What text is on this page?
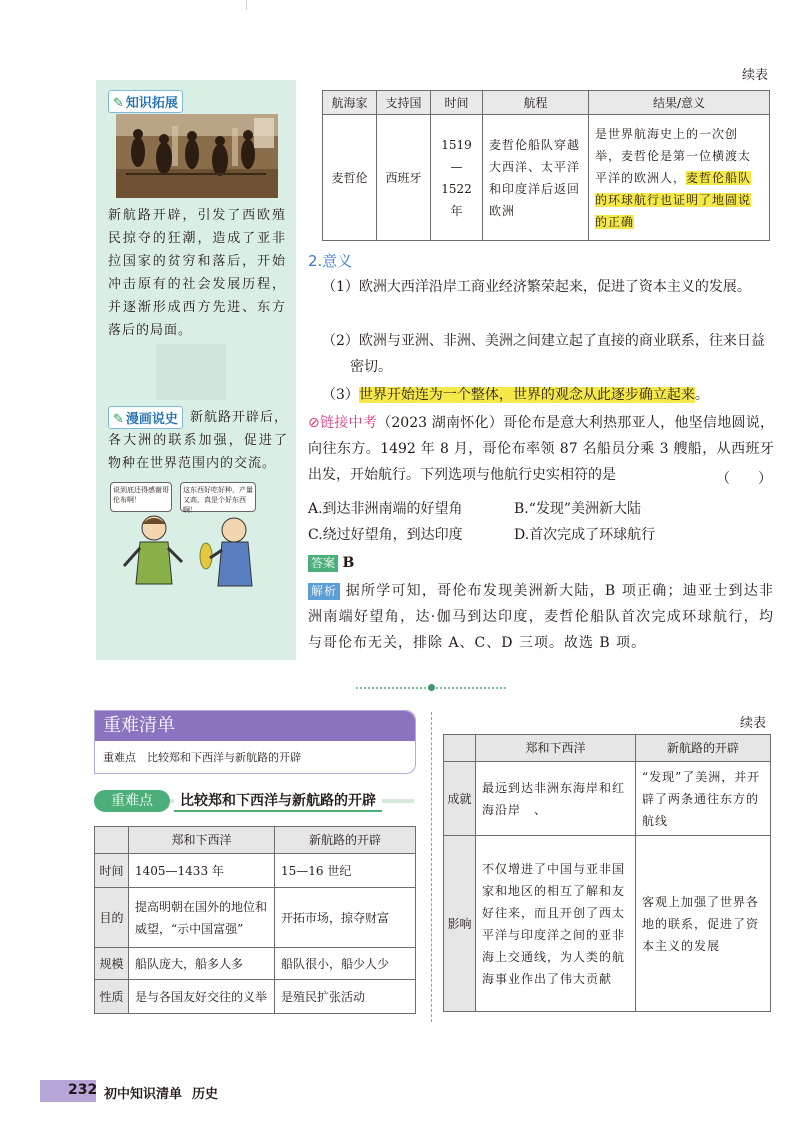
续表
✎ 知识拓展
新航路开辟，引发了西欧殖民掠夺的狂潮，造成了亚非拉国家的贫穷和落后，开始冲击原有的社会发展历程，并逐渐形成西方先进、东方落后的局面。
✎ 漫画说史 新航路开辟后，各大洲的联系加强，促进了物种在世界范围内的交流。
说到底还得感谢哥伦布啊！
这东西好吃好种，产量又高，真是个好东西啊！
航海家	支持国	时间	航程	结果/意义
麦哲伦	西班牙	1519—1522 年	麦哲伦船队穿越大西洋、太平洋和印度洋后返回欧洲	是世界航海史上的一次创举，麦哲伦是第一位横渡太平洋的欧洲人，麦哲伦船队的环球航行也证明了地圆说的正确
2.意义
（1）欧洲大西洋沿岸工商业经济繁荣起来，促进了资本主义的发展。
（2）欧洲与亚洲、非洲、美洲之间建立起了直接的商业联系，往来日益密切。
（3）世界开始连为一个整体，世界的观念从此逐步确立起来。
⊘链接中考（2023 湖南怀化）哥伦布是意大利热那亚人，他坚信地圆说，向往东方。1492 年 8 月，哥伦布率领 87 名船员分乘 3 艘船，从西班牙出发，开始航行。下列选项与他航行史实相符的是	（　　）
A.到达非洲南端的好望角	B.“发现”美洲新大陆
C.绕过好望角，到达印度	D.首次完成了环球航行
答案 B
解析 据所学可知，哥伦布发现美洲新大陆，B 项正确；迪亚士到达非洲南端好望角，达·伽马到达印度，麦哲伦船队首次完成环球航行，均与哥伦布无关，排除 A、C、D 三项。故选 B 项。
重难清单
重难点　比较郑和下西洋与新航路的开辟
重难点	比较郑和下西洋与新航路的开辟
	郑和下西洋	新航路的开辟
时间	1405—1433 年	15—16 世纪
目的	提高明朝在国外的地位和威望，“示中国富强”	开拓市场，掠夺财富
规模	船队庞大，船多人多	船队很小，船少人少
性质	是与各国友好交往的义举	是殖民扩张活动
续表
	郑和下西洋	新航路的开辟
成就	最远到达非洲东海岸和红海沿岸　、	“发现”了美洲，并开辟了两条通往东方的航线
影响	不仅增进了中国与亚非国家和地区的相互了解和友好往来，而且开创了西太平洋与印度洋之间的亚非海上交通线，为人类的航海事业作出了伟大贡献	客观上加强了世界各地的联系，促进了资本主义的发展
232 初中知识清单 历史
